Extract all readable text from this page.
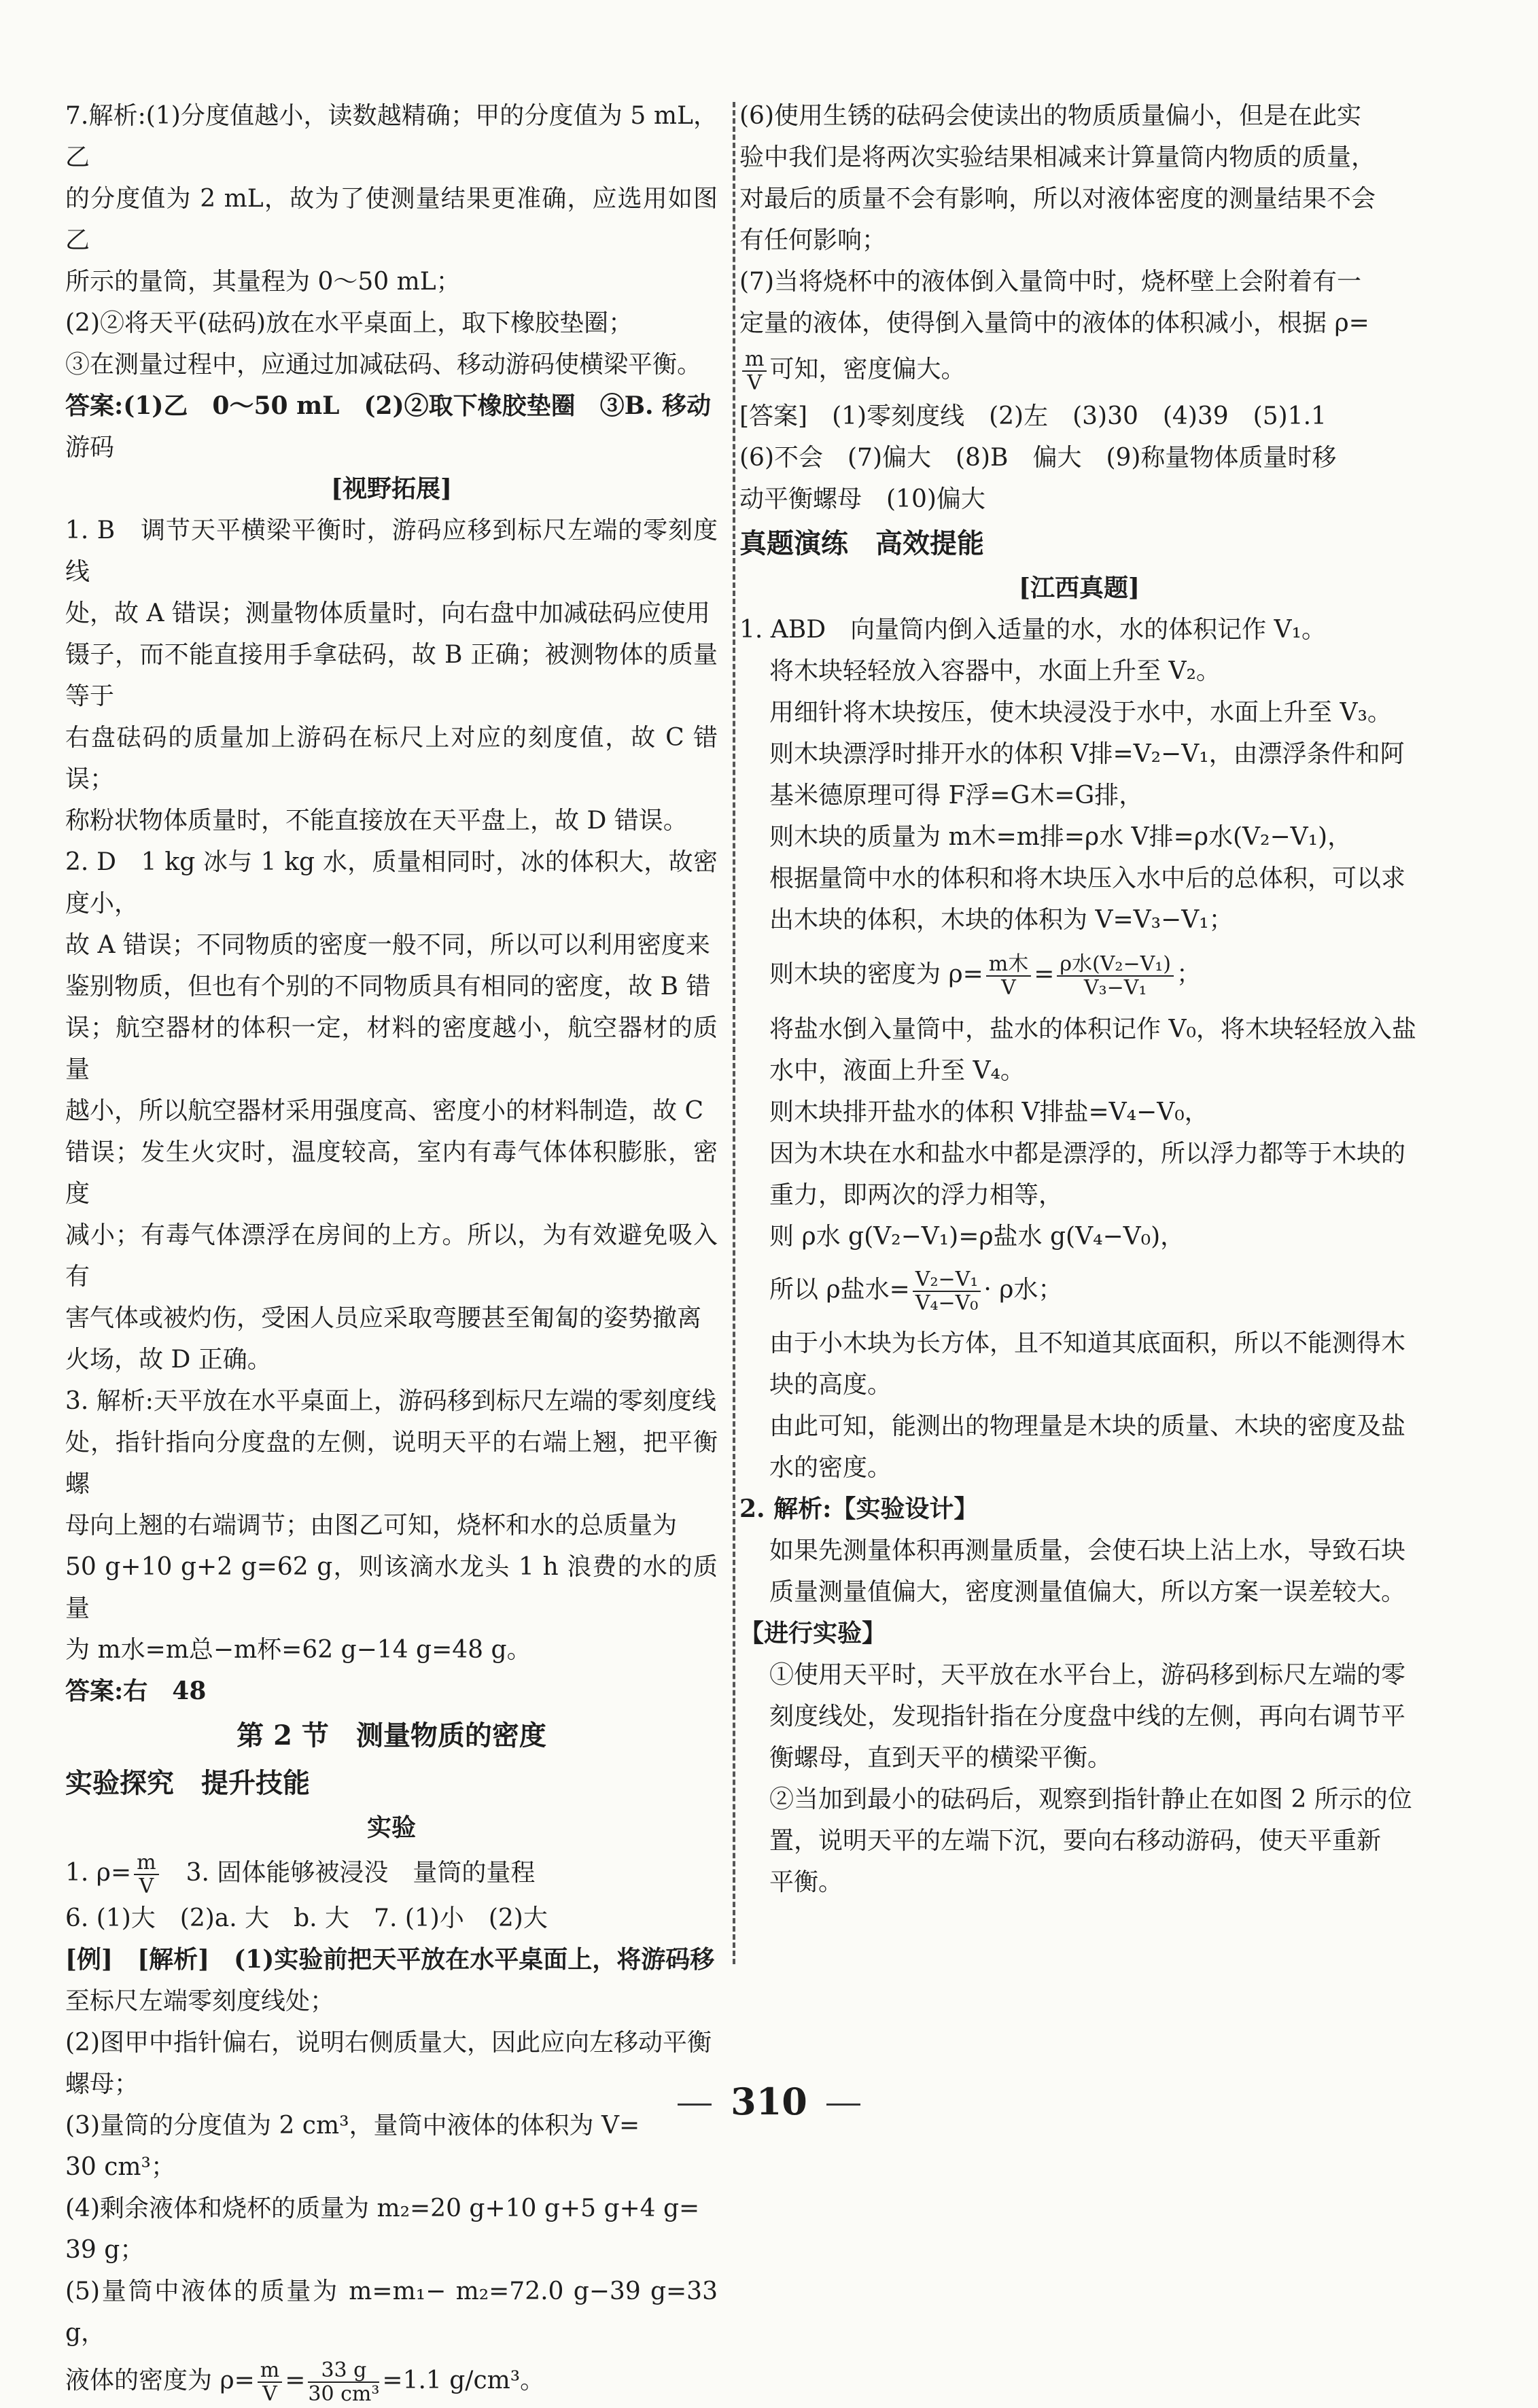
7.解析:(1)分度值越小，读数越精确；甲的分度值为 5 mL，乙

的分度值为 2 mL，故为了使测量结果更准确，应选用如图乙

所示的量筒，其量程为 0～50 mL；

(2)②将天平(砝码)放在水平桌面上，取下橡胶垫圈；

③在测量过程中，应通过加减砝码、移动游码使横梁平衡。

答案:(1)乙　0～50 mL　(2)②取下橡胶垫圈　③B. 移动

游码

[视野拓展]

1. B　调节天平横梁平衡时，游码应移到标尺左端的零刻度线

处，故 A 错误；测量物体质量时，向右盘中加减砝码应使用

镊子，而不能直接用手拿砝码，故 B 正确；被测物体的质量等于

右盘砝码的质量加上游码在标尺上对应的刻度值，故 C 错误；

称粉状物体质量时，不能直接放在天平盘上，故 D 错误。

2. D　1 kg 冰与 1 kg 水，质量相同时，冰的体积大，故密度小，

故 A 错误；不同物质的密度一般不同，所以可以利用密度来

鉴别物质，但也有个别的不同物质具有相同的密度，故 B 错

误；航空器材的体积一定，材料的密度越小，航空器材的质量

越小，所以航空器材采用强度高、密度小的材料制造，故 C

错误；发生火灾时，温度较高，室内有毒气体体积膨胀，密度

减小；有毒气体漂浮在房间的上方。所以，为有效避免吸入有

害气体或被灼伤，受困人员应采取弯腰甚至匍匐的姿势撤离

火场，故 D 正确。

3. 解析:天平放在水平桌面上，游码移到标尺左端的零刻度线

处，指针指向分度盘的左侧，说明天平的右端上翘，把平衡螺

母向上翘的右端调节；由图乙可知，烧杯和水的总质量为

50 g+10 g+2 g=62 g，则该滴水龙头 1 h 浪费的水的质量

为 m水=m总−m杯=62 g−14 g=48 g。

答案:右　48

第 2 节　测量物质的密度

实验探究　提升技能

实验

1. $\rho= \frac{m}{V}$ 　3. 固体能够被浸没　量筒的量程

6. (1)大　(2)a. 大　b. 大　7. (1)小　(2)大

[例]　[解析]　(1)实验前把天平放在水平桌面上，将游码移

至标尺左端零刻度线处；

(2)图甲中指针偏右，说明右侧质量大，因此应向左移动平衡

螺母；

(3)量筒的分度值为 2 cm³，量筒中液体的体积为 V=

30 cm³；

(4)剩余液体和烧杯的质量为 m₂=20 g+10 g+5 g+4 g=

39 g；

(5)量筒中液体的质量为 m=m₁− m₂=72.0 g−39 g=33 g，

液体的密度为 $\rho= \frac{m}{V} = \frac{33 g}{\text{30 cm³}} =1.1$ g/cm³。

(6)使用生锈的砝码会使读出的物质质量偏小，但是在此实

验中我们是将两次实验结果相减来计算量筒内物质的质量，

对最后的质量不会有影响，所以对液体密度的测量结果不会

有任何影响；

(7)当将烧杯中的液体倒入量筒中时，烧杯壁上会附着有一

定量的液体，使得倒入量筒中的液体的体积减小，根据 ρ=

$\frac{m}{V}$ 可知，密度偏大。

[答案]　(1)零刻度线　(2)左　(3)30　(4)39　(5)1.1

(6)不会　(7)偏大　(8)B　偏大　(9)称量物体质量时移

动平衡螺母　(10)偏大

真题演练　高效提能

[江西真题]

1. ABD　向量筒内倒入适量的水，水的体积记作 V₁。

将木块轻轻放入容器中，水面上升至 V₂。

用细针将木块按压，使木块浸没于水中，水面上升至 V₃。

则木块漂浮时排开水的体积 V排=V₂−V₁，由漂浮条件和阿

基米德原理可得 F浮=G木=G排，

则木块的质量为 m木=m排=ρ水 V排=ρ水(V₂−V₁)，

根据量筒中水的体积和将木块压入水中后的总体积，可以求

出木块的体积，木块的体积为 V=V₃−V₁；

则木块的密度为 $\rho= \frac{\text{m木}}{V} = \frac{\text{ρ水(V₂−V₁)}}{\text{V₃−V₁}}$ ；

将盐水倒入量筒中，盐水的体积记作 V₀，将木块轻轻放入盐

水中，液面上升至 V₄。

则木块排开盐水的体积 V排盐=V₄−V₀，

因为木块在水和盐水中都是漂浮的，所以浮力都等于木块的

重力，即两次的浮力相等，

则 ρ水 g(V₂−V₁)=ρ盐水 g(V₄−V₀)，

所以 ρ盐水= $\frac{\text{V₂−V₁}}{\text{V₄−V₀}} \cdot \rho$水；

由于小木块为长方体，且不知道其底面积，所以不能测得木

块的高度。

由此可知，能测出的物理量是木块的质量、木块的密度及盐

水的密度。

2. 解析:【实验设计】

如果先测量体积再测量质量，会使石块上沾上水，导致石块

质量测量值偏大，密度测量值偏大，所以方案一误差较大。

【进行实验】

①使用天平时，天平放在水平台上，游码移到标尺左端的零

刻度线处，发现指针指在分度盘中线的左侧，再向右调节平

衡螺母，直到天平的横梁平衡。

②当加到最小的砝码后，观察到指针静止在如图 2 所示的位

置，说明天平的左端下沉，要向右移动游码，使天平重新

平衡。

310
